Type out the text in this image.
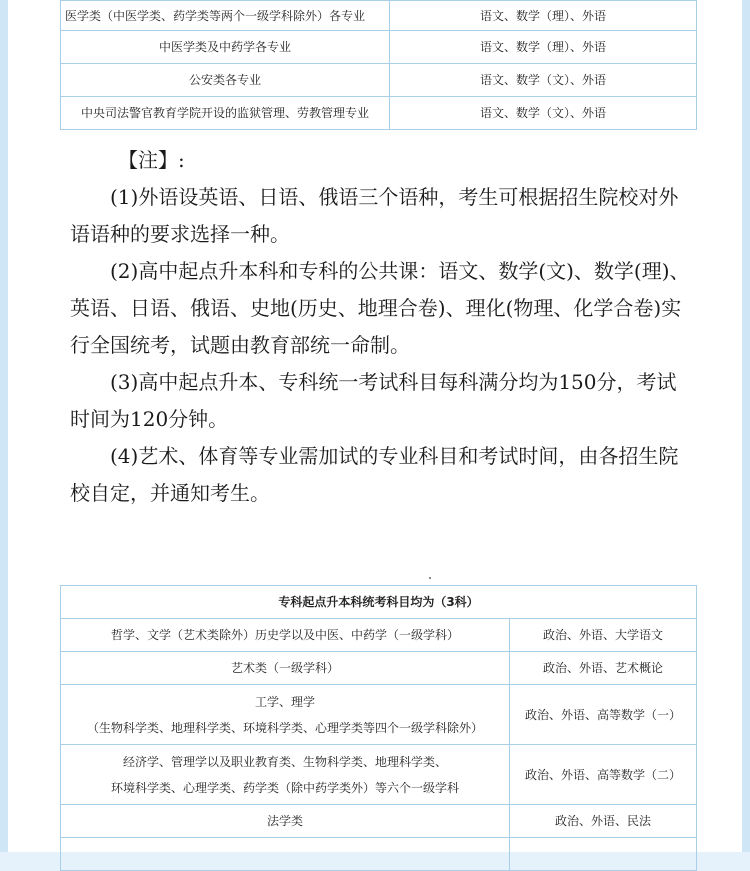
医学类（中医学类、药学类等两个一级学科除外）各专业	语文、数学（理）、外语
中医学类及中药学各专业	语文、数学（理）、外语
公安类各专业	语文、数学（文）、外语
中央司法警官教育学院开设的监狱管理、劳教管理专业	语文、数学（文）、外语

【注】:

(1)外语设英语、日语、俄语三个语种，考生可根据招生院校对外语语种的要求选择一种。

(2)高中起点升本科和专科的公共课：语文、数学(文)、数学(理)、英语、日语、俄语、史地(历史、地理合卷)、理化(物理、化学合卷)实行全国统考，试题由教育部统一命制。

(3)高中起点升本、专科统一考试科目每科满分均为150分，考试时间为120分钟。

(4)艺术、体育等专业需加试的专业科目和考试时间，由各招生院校自定，并通知考生。

专科起点升本科统考科目均为（3科）	
哲学、文学（艺术类除外）历史学以及中医、中药学（一级学科）	政治、外语、大学语文
艺术类（一级学科）	政治、外语、艺术概论

工学、理学
（生物科学类、地理科学类、环境科学类、心理学类等四个一级学科除外）	政治、外语、高等数学（一）

经济学、管理学以及职业教育类、生物科学类、地理科学类、
环境科学类、心理学类、药学类（除中药学类外）等六个一级学科	政治、外语、高等数学（二）
法学类	政治、外语、民法
